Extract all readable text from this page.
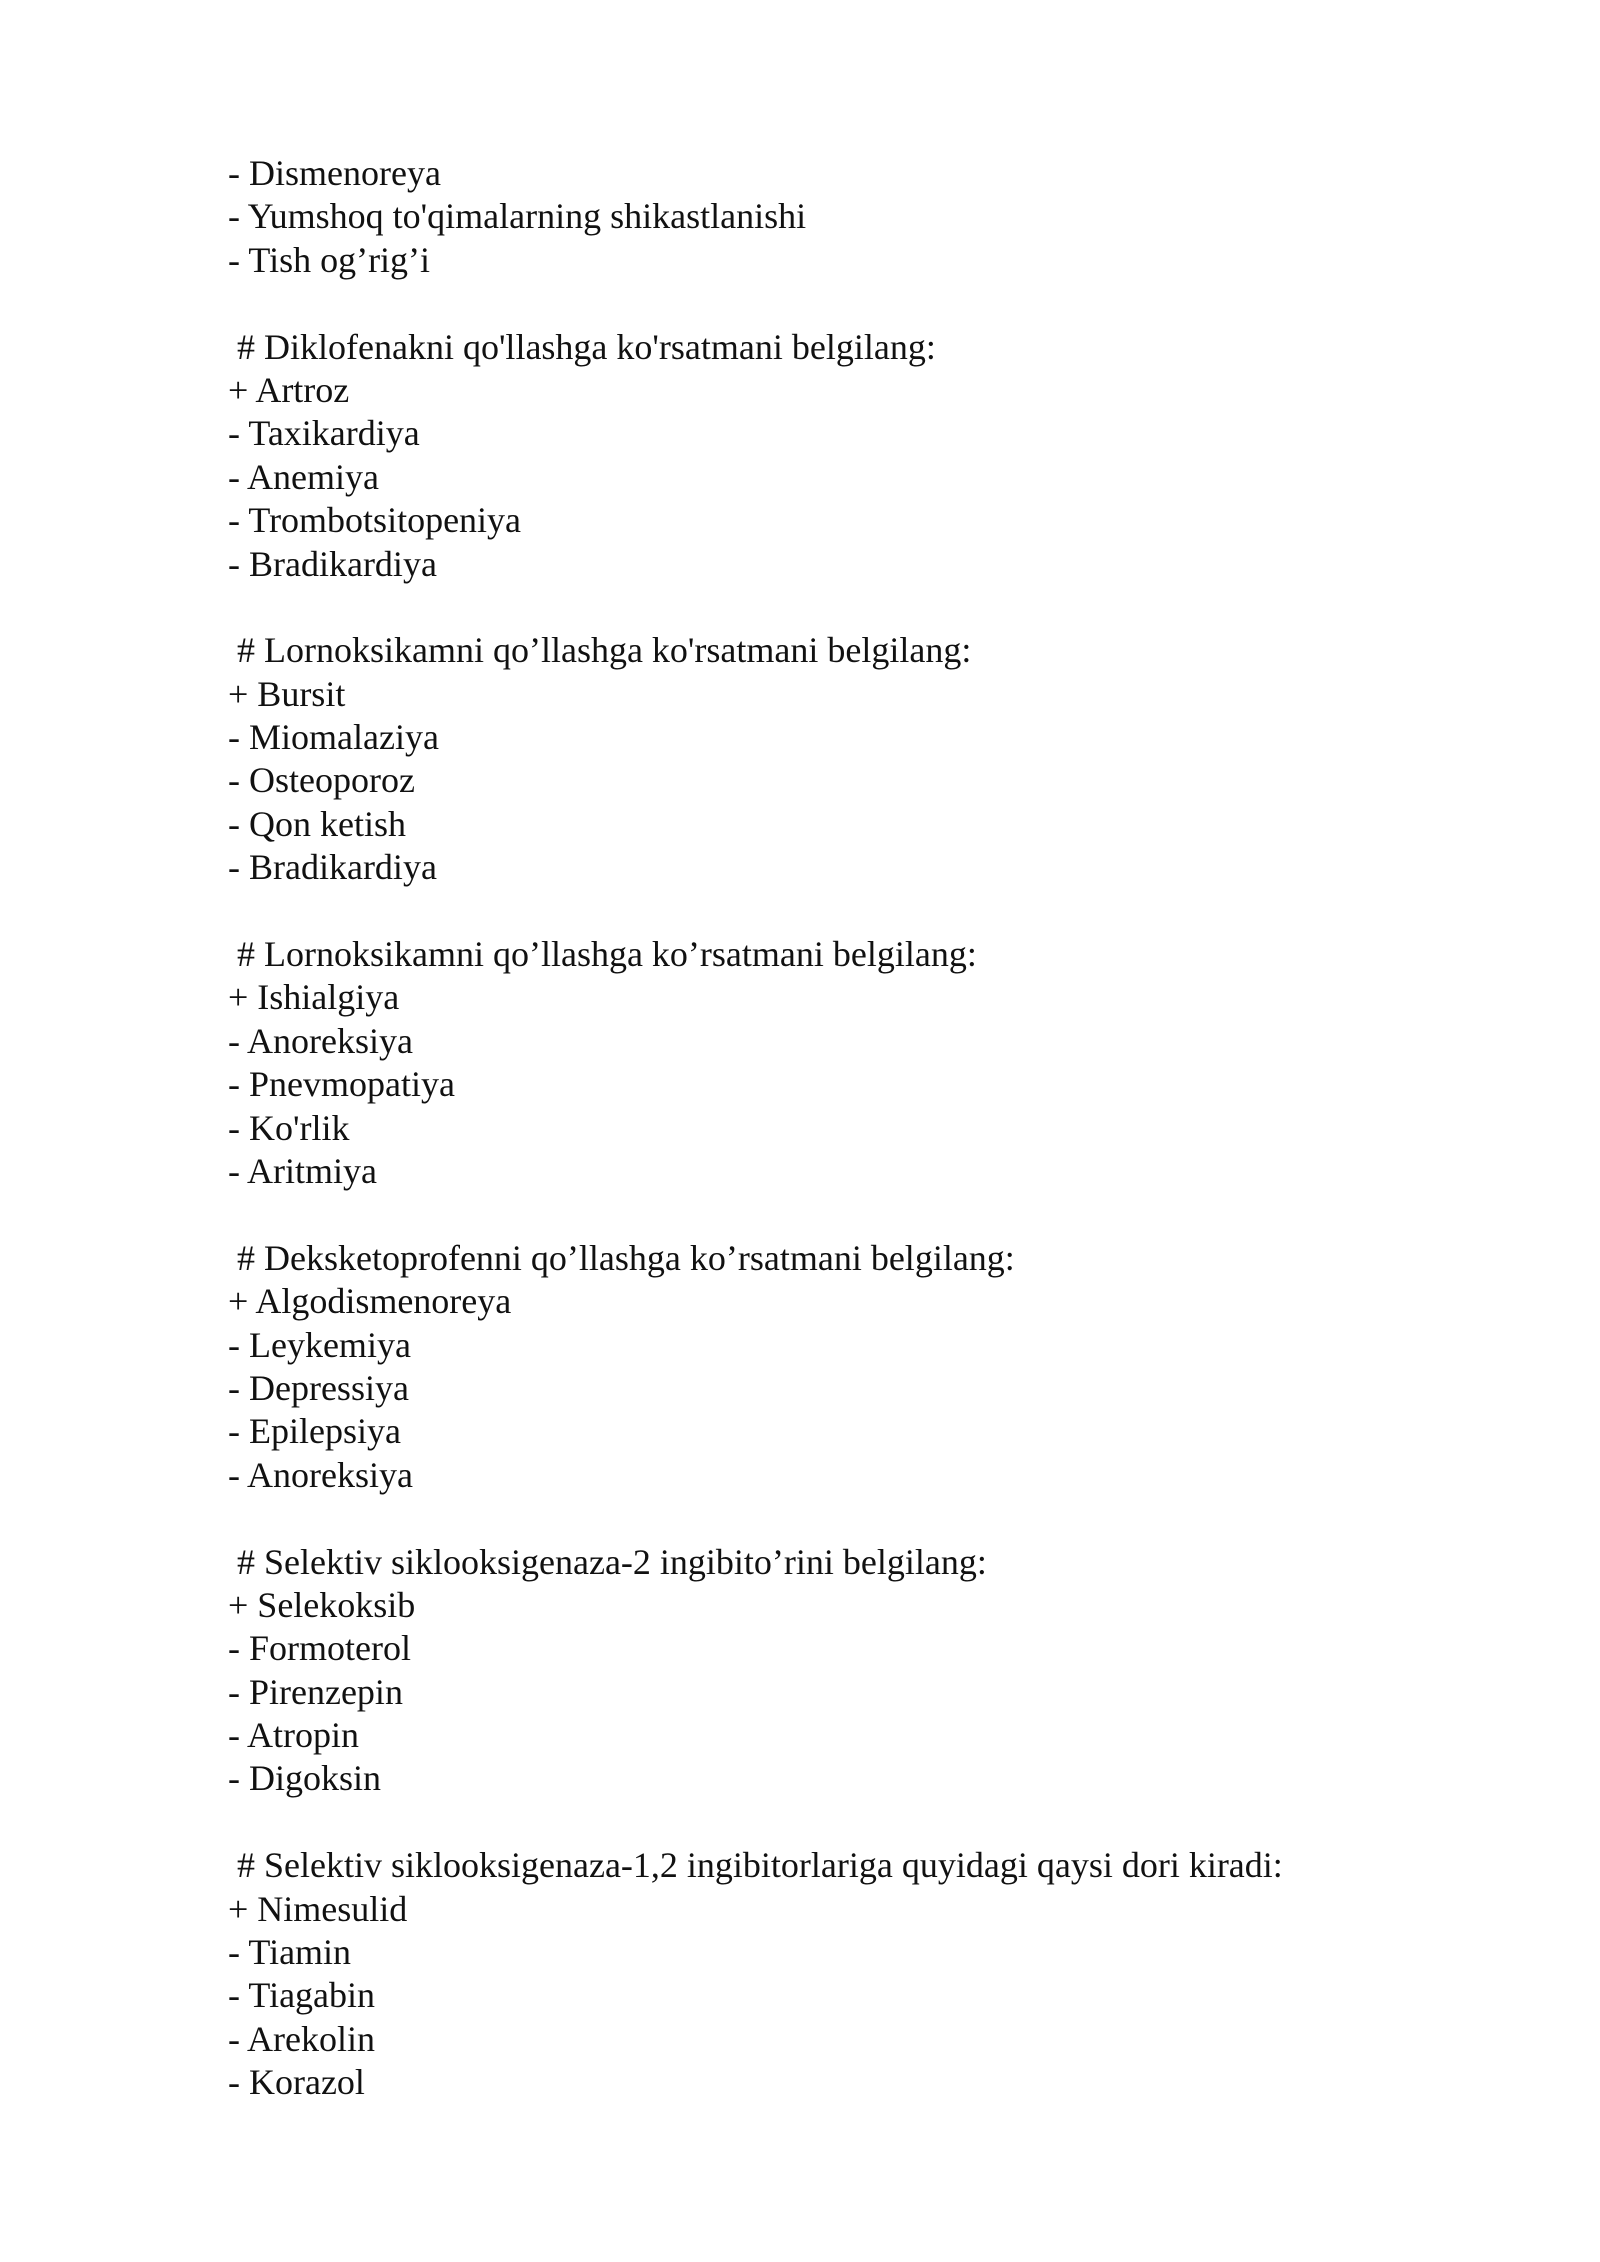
- Dismenoreya
- Yumshoq to'qimalarning shikastlanishi
- Tish og’rig’i
# Diklofenakni qo'llashga ko'rsatmani belgilang:
+ Artroz
- Taxikardiya
- Anemiya
- Trombotsitopeniya
- Bradikardiya
# Lornoksikamni qo’llashga ko'rsatmani belgilang:
+ Bursit
- Miomalaziya
- Osteoporoz
- Qon ketish
- Bradikardiya
# Lornoksikamni qo’llashga ko’rsatmani belgilang:
+ Ishialgiya
- Anoreksiya
- Pnevmopatiya
- Ko'rlik
- Aritmiya
# Deksketoprofenni qo’llashga ko’rsatmani belgilang:
+ Algodismenoreya
- Leykemiya
- Depressiya
- Epilepsiya
- Anoreksiya
# Selektiv siklooksigenaza-2 ingibito’rini belgilang:
+ Selekoksib
- Formoterol
- Pirenzepin
- Atropin
- Digoksin
# Selektiv siklooksigenaza-1,2 ingibitorlariga quyidagi qaysi dori kiradi:
+ Nimesulid
- Tiamin
- Tiagabin
- Arekolin
- Korazol
